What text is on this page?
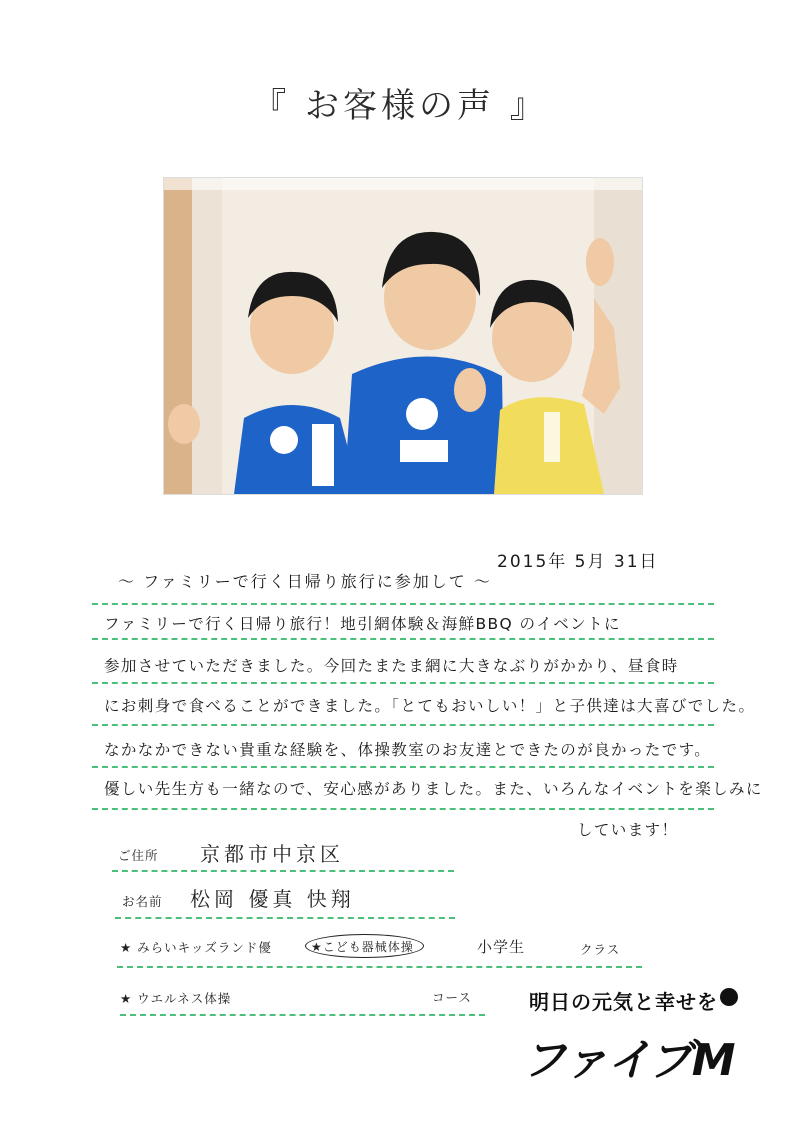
『 お客様の声 』
2015年 5月 31日
～ ファミリーで行く日帰り旅行に参加して ～
ファミリーで行く日帰り旅行！地引網体験＆海鮮BBQ のイベントに
参加させていただきました。今回たまたま網に大きなぶりがかかり、昼食時
にお刺身で食べることができました。「とてもおいしい！」と子供達は大喜びでした。
なかなかできない貴重な経験を、体操教室のお友達とできたのが良かったです。
優しい先生方も一緒なので、安心感がありました。また、いろんなイベントを楽しみに
しています！
ご住所 京都市中京区
お名前 松岡 優真 快翔
★ みらいキッズランド優	★こども器械体操	小学生	クラス
★ ウエルネス体操	コース	明日の元気と幸せを
ファイブM
